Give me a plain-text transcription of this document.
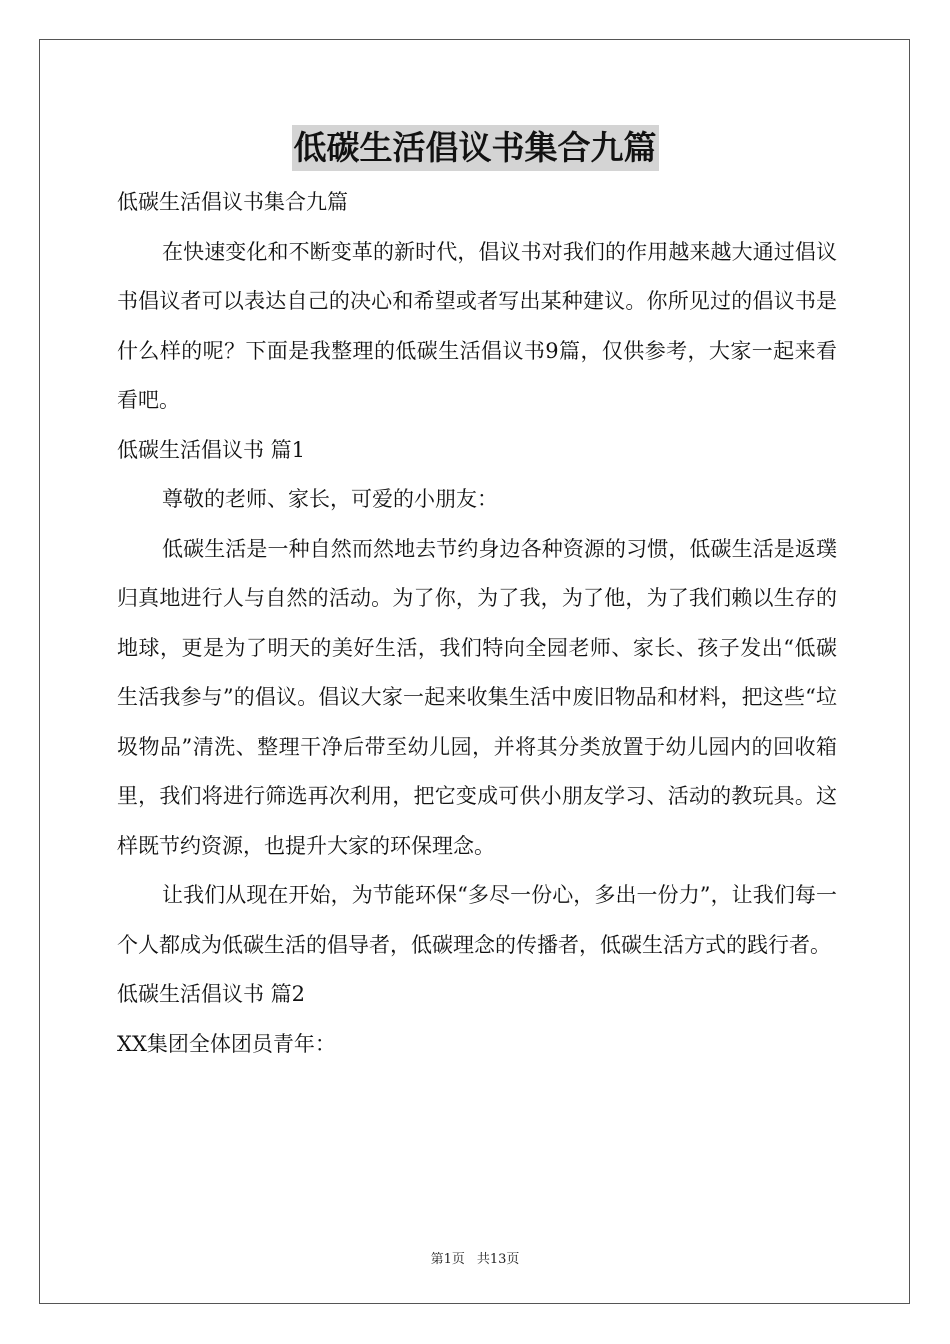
低碳生活倡议书集合九篇

低碳生活倡议书集合九篇

在快速变化和不断变革的新时代，倡议书对我们的作用越来越大通过倡议书倡议者可以表达自己的决心和希望或者写出某种建议。你所见过的倡议书是什么样的呢？下面是我整理的低碳生活倡议书9篇，仅供参考，大家一起来看看吧。

低碳生活倡议书 篇1

尊敬的老师、家长，可爱的小朋友：

低碳生活是一种自然而然地去节约身边各种资源的习惯，低碳生活是返璞归真地进行人与自然的活动。为了你，为了我，为了他，为了我们赖以生存的地球，更是为了明天的美好生活，我们特向全园老师、家长、孩子发出“低碳生活我参与”的倡议。倡议大家一起来收集生活中废旧物品和材料，把这些“垃圾物品”清洗、整理干净后带至幼儿园，并将其分类放置于幼儿园内的回收箱里，我们将进行筛选再次利用，把它变成可供小朋友学习、活动的教玩具。这样既节约资源，也提升大家的环保理念。

让我们从现在开始，为节能环保“多尽一份心，多出一份力”，让我们每一个人都成为低碳生活的倡导者，低碳理念的传播者，低碳生活方式的践行者。

低碳生活倡议书 篇2

XX集团全体团员青年：

第1页 共13页
